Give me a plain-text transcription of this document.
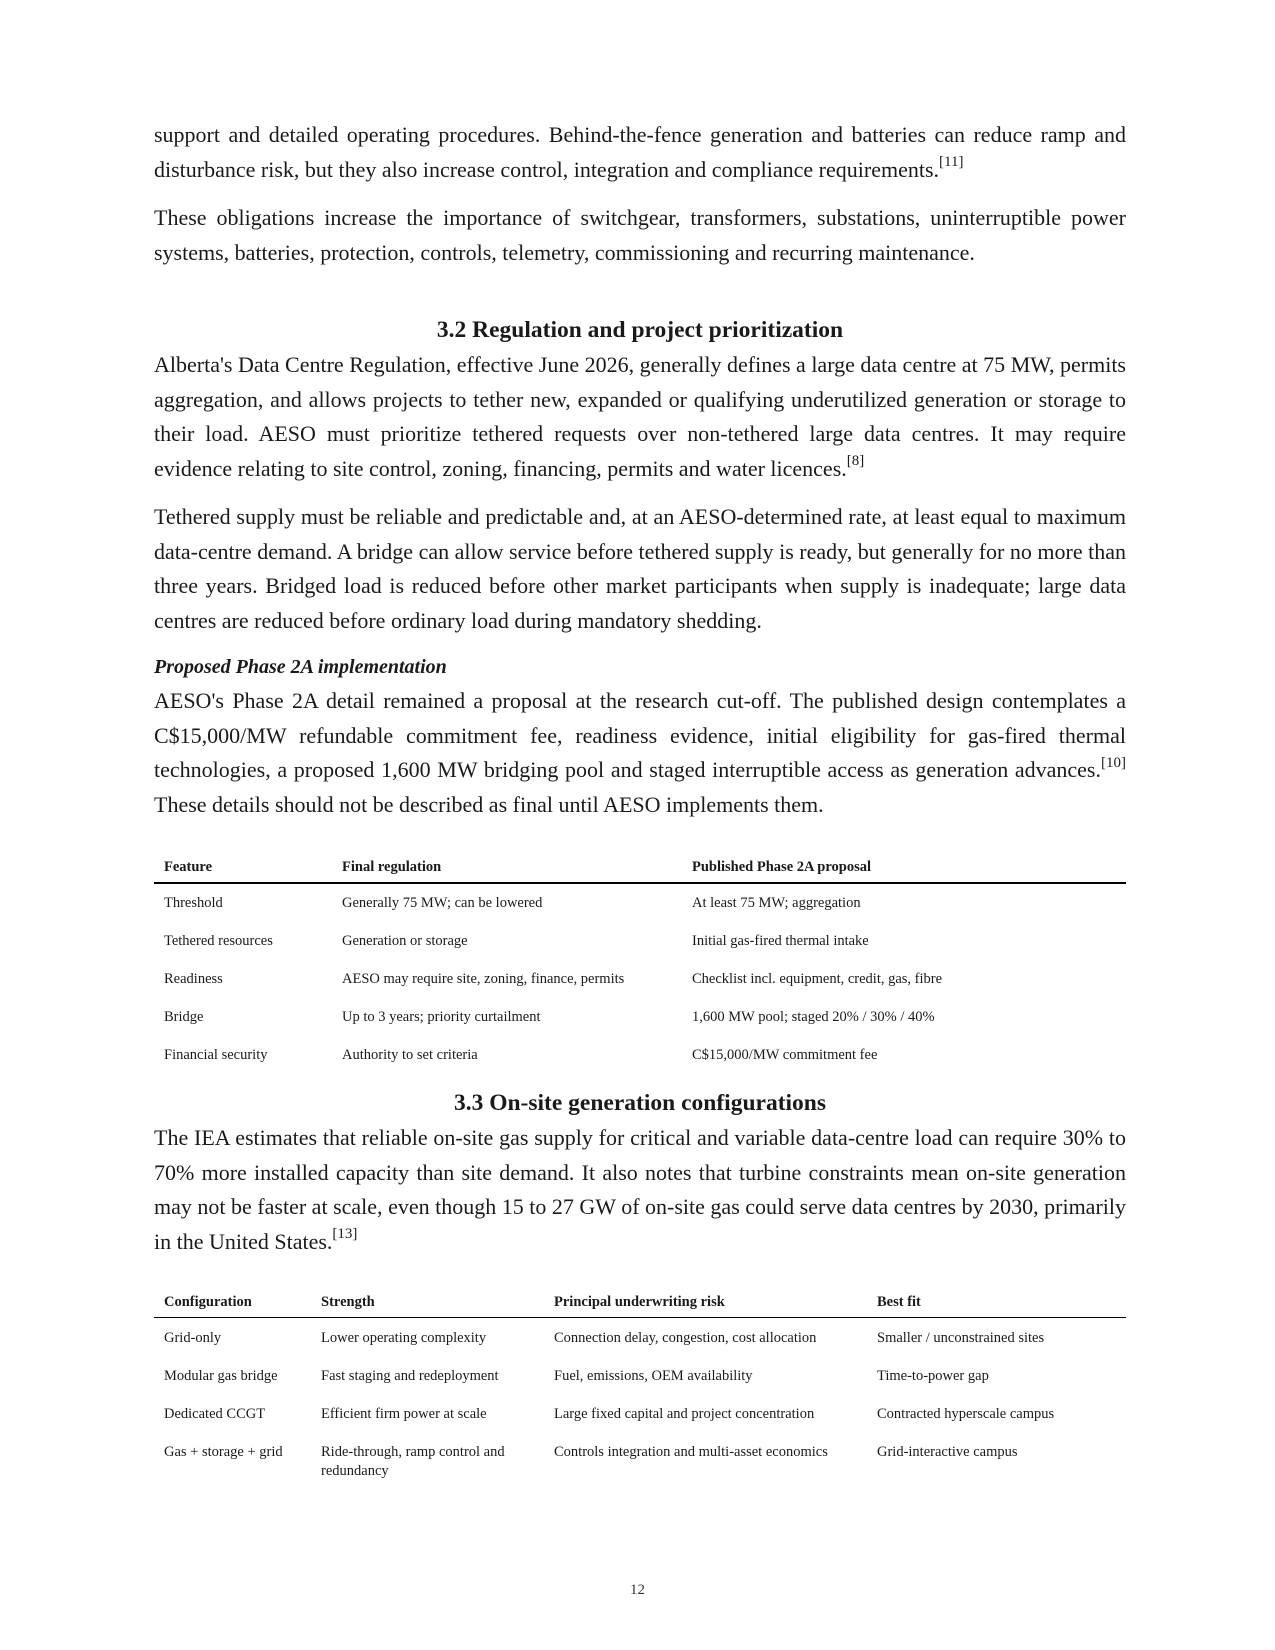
support and detailed operating procedures. Behind-the-fence generation and batteries can reduce ramp and disturbance risk, but they also increase control, integration and compliance requirements.[11]

These obligations increase the importance of switchgear, transformers, substations, uninterruptible power systems, batteries, protection, controls, telemetry, commissioning and recurring maintenance.

3.2 Regulation and project prioritization

Alberta's Data Centre Regulation, effective June 2026, generally defines a large data centre at 75 MW, permits aggregation, and allows projects to tether new, expanded or qualifying underutilized generation or storage to their load. AESO must prioritize tethered requests over non-tethered large data centres. It may require evidence relating to site control, zoning, financing, permits and water licences.[8]

Tethered supply must be reliable and predictable and, at an AESO-determined rate, at least equal to maximum data-centre demand. A bridge can allow service before tethered supply is ready, but generally for no more than three years. Bridged load is reduced before other market participants when supply is inadequate; large data centres are reduced before ordinary load during mandatory shedding.

Proposed Phase 2A implementation

AESO's Phase 2A detail remained a proposal at the research cut-off. The published design contemplates a C$15,000/MW refundable commitment fee, readiness evidence, initial eligibility for gas-fired thermal technologies, a proposed 1,600 MW bridging pool and staged interruptible access as generation advances.[10] These details should not be described as final until AESO implements them.

Feature	Final regulation	Published Phase 2A proposal
Threshold	Generally 75 MW; can be lowered	At least 75 MW; aggregation
Tethered resources	Generation or storage	Initial gas-fired thermal intake
Readiness	AESO may require site, zoning, finance, permits	Checklist incl. equipment, credit, gas, fibre
Bridge	Up to 3 years; priority curtailment	1,600 MW pool; staged 20% / 30% / 40%
Financial security	Authority to set criteria	C$15,000/MW commitment fee
3.3 On-site generation configurations

The IEA estimates that reliable on-site gas supply for critical and variable data-centre load can require 30% to 70% more installed capacity than site demand. It also notes that turbine constraints mean on-site generation may not be faster at scale, even though 15 to 27 GW of on-site gas could serve data centres by 2030, primarily in the United States.[13]

Configuration	Strength	Principal underwriting risk	Best fit
Grid-only	Lower operating complexity	Connection delay, congestion, cost allocation	Smaller / unconstrained sites
Modular gas bridge	Fast staging and redeployment	Fuel, emissions, OEM availability	Time-to-power gap
Dedicated CCGT	Efficient firm power at scale	Large fixed capital and project concentration	Contracted hyperscale campus
Gas + storage + grid	Ride-through, ramp control and redundancy	Controls integration and multi-asset economics	Grid-interactive campus
12
